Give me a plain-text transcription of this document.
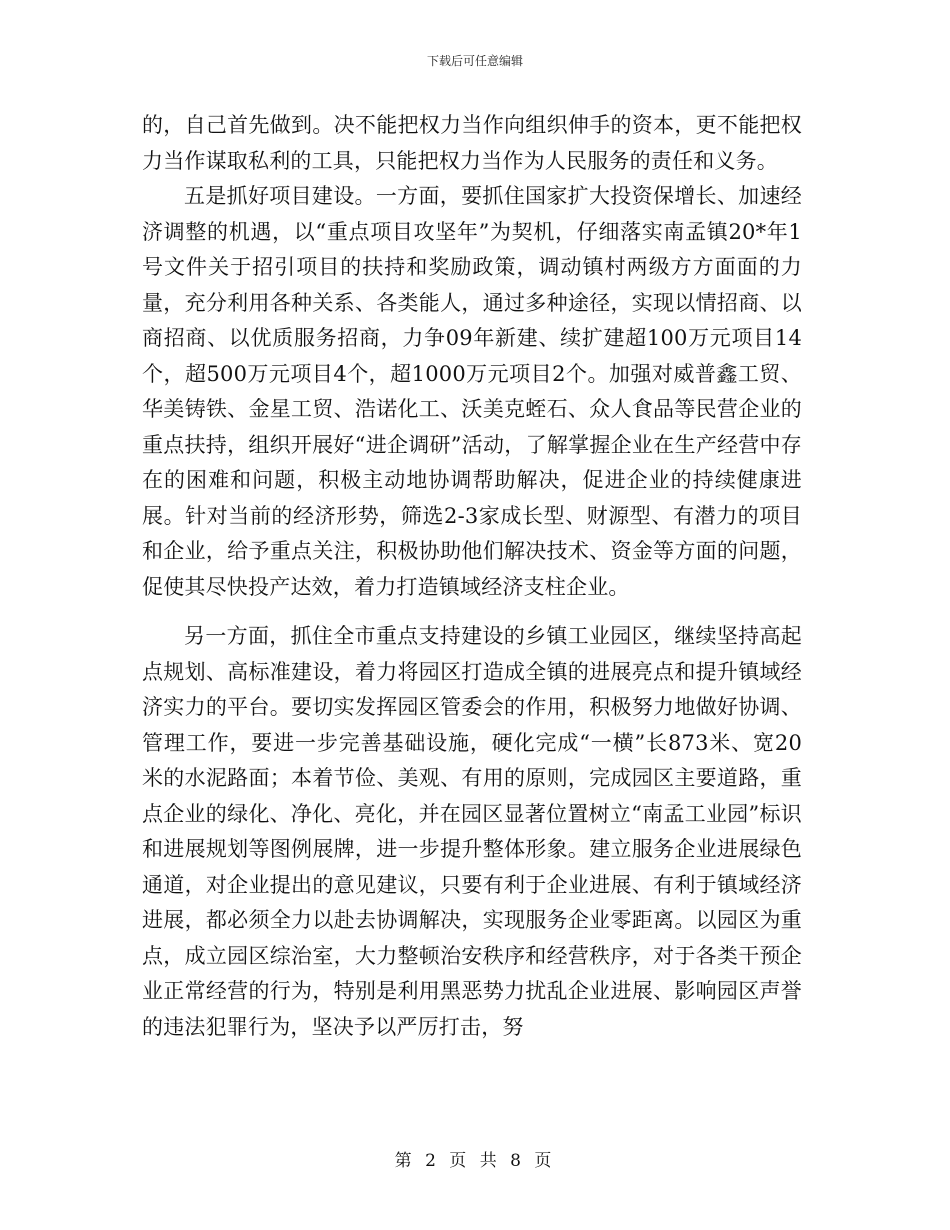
下载后可任意编辑

的，自己首先做到。决不能把权力当作向组织伸手的资本，更不能把权力当作谋取私利的工具，只能把权力当作为人民服务的责任和义务。

五是抓好项目建设。一方面，要抓住国家扩大投资保增长、加速经济调整的机遇，以“重点项目攻坚年”为契机，仔细落实南孟镇20*年1号文件关于招引项目的扶持和奖励政策，调动镇村两级方方面面的力量，充分利用各种关系、各类能人，通过多种途径，实现以情招商、以商招商、以优质服务招商，力争09年新建、续扩建超100万元项目14个，超500万元项目4个，超1000万元项目2个。加强对威普鑫工贸、华美铸铁、金星工贸、浩诺化工、沃美克蛭石、众人食品等民营企业的重点扶持，组织开展好“进企调研”活动，了解掌握企业在生产经营中存在的困难和问题，积极主动地协调帮助解决，促进企业的持续健康进展。针对当前的经济形势，筛选2-3家成长型、财源型、有潜力的项目和企业，给予重点关注，积极协助他们解决技术、资金等方面的问题，促使其尽快投产达效，着力打造镇域经济支柱企业。

另一方面，抓住全市重点支持建设的乡镇工业园区，继续坚持高起点规划、高标准建设，着力将园区打造成全镇的进展亮点和提升镇域经济实力的平台。要切实发挥园区管委会的作用，积极努力地做好协调、管理工作，要进一步完善基础设施，硬化完成“一横”长873米、宽20米的水泥路面；本着节俭、美观、有用的原则，完成园区主要道路，重点企业的绿化、净化、亮化，并在园区显著位置树立“南孟工业园”标识和进展规划等图例展牌，进一步提升整体形象。建立服务企业进展绿色通道，对企业提出的意见建议，只要有利于企业进展、有利于镇域经济进展，都必须全力以赴去协调解决，实现服务企业零距离。以园区为重点，成立园区综治室，大力整顿治安秩序和经营秩序，对于各类干预企业正常经营的行为，特别是利用黑恶势力扰乱企业进展、影响园区声誉的违法犯罪行为，坚决予以严厉打击，努

第 2 页 共 8 页
